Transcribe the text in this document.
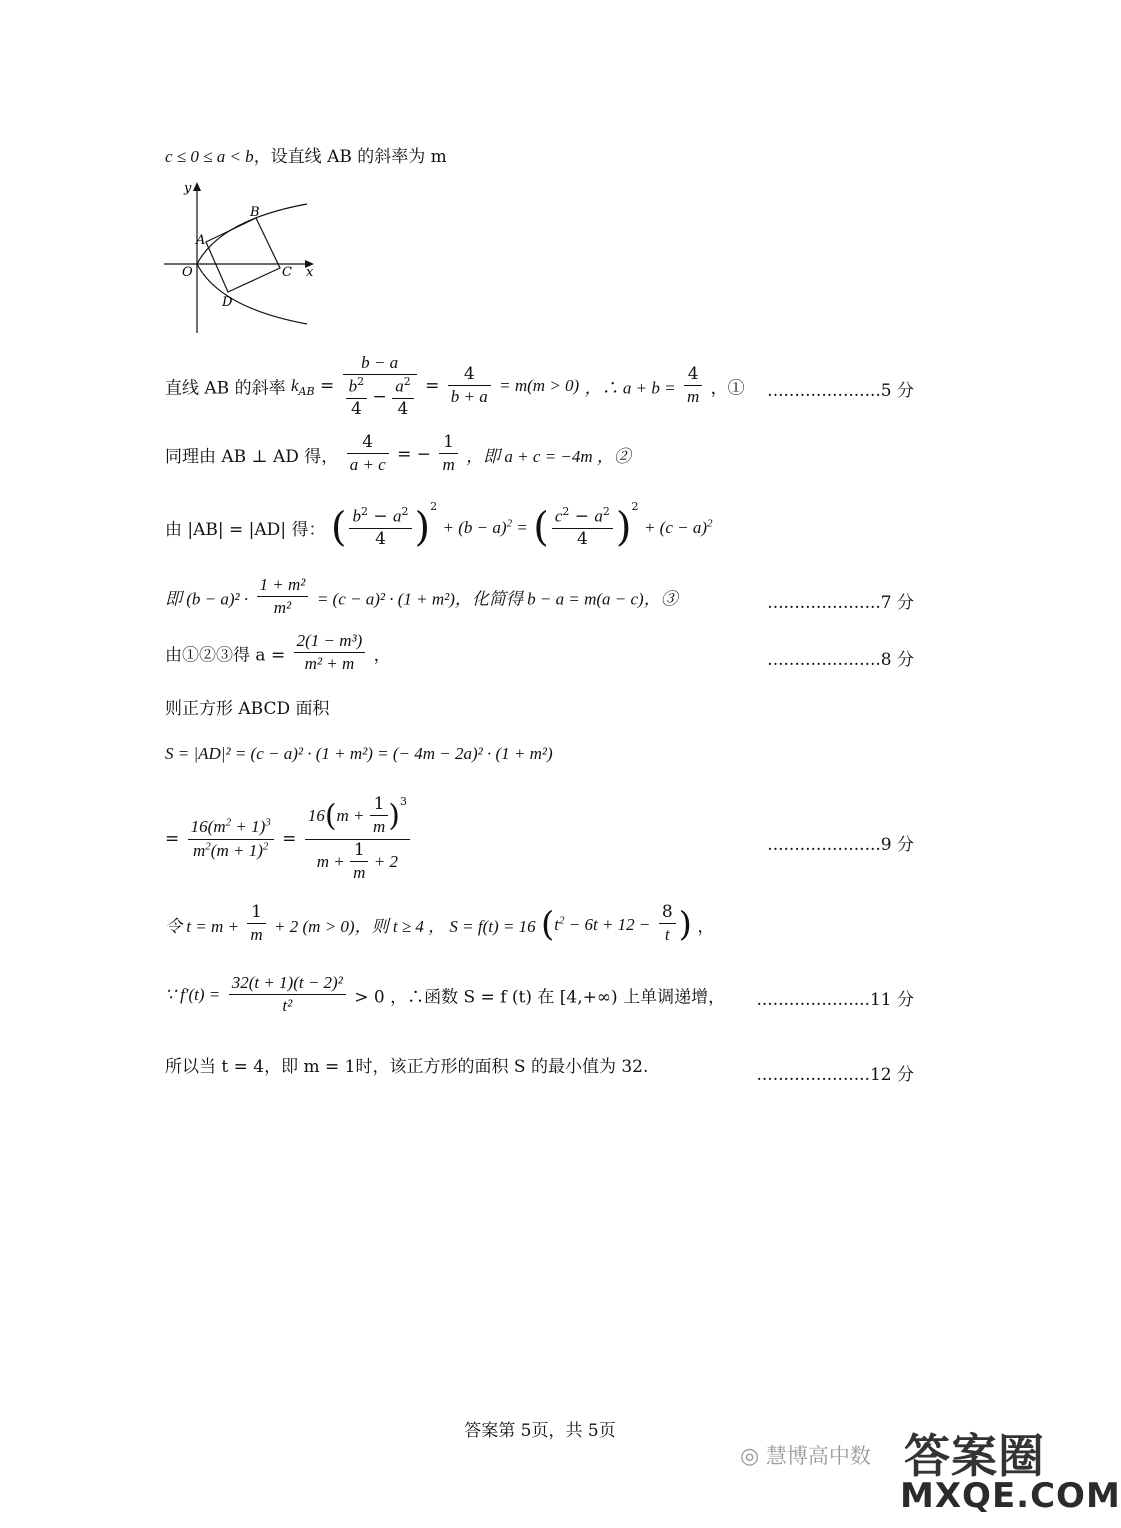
c ≤ 0 ≤ a < b，设直线 AB 的斜率为 m
y
x
O
A
B
C
D
直线 AB 的斜率 $k_{AB} = \frac{b - a}{\frac{b^2}{4} - \frac{a^2}{4}} = \frac{4}{b + a} = m(m > 0)$ ，∴ $a + b = \frac{4}{m}$ ，① .....................5 分
同理由 AB ⊥ AD 得， $\frac{4}{a + c}$ = − $\frac{1}{m}$ ，即 a + c = −4m ，②
由 |AB| = |AD| 得： ( $\frac{b^2 - a^2}{4} )^2 + (b - a)^2$ = ( $\frac{c^2 - a^2}{4} )^2 + (c - a)^2$
即 $(b - a)^2 \cdot \frac{\text{1 + m²}}{\text{m²}} = (c - a)^2 \cdot (1 + m^2)$，化简得 b − a = m(a − c)，③	.....................7 分
由①②③得 $a = \frac{\text{2(1 − m³)}}{\text{m² + m}}$ ，	.....................8 分
则正方形 ABCD 面积
S = |AD|² = (c − a)² · (1 + m²) = (− 4m − 2a)² · (1 + m²)
= $\frac{16(m^2 + 1)^3}{m^2(m + 1)^2} = \frac{16(m + \frac{1}{m} )^3}{m + \frac{1}{m} + 2}$	.....................9 分
令 $t = m + \frac{1}{m} + 2$ (m > 0)，则 t ≥ 4 ， S = f(t) = 16 ($t^2 - 6t + 12 - \frac{8}{t}$ ) ，
∵ $f'(t) = \frac{\text{32(t + 1)(t − 2)²}}{\text{t²}} > 0$ ，∴函数 S = f (t) 在 [4,+∞) 上单调递增， .....................11 分
所以当 t = 4，即 m = 1时，该正方形的面积 S 的最小值为 32.	.....................12 分
答案第 5页，共 5页
◎ 慧博高中数 答案圈
MXQE.COM
